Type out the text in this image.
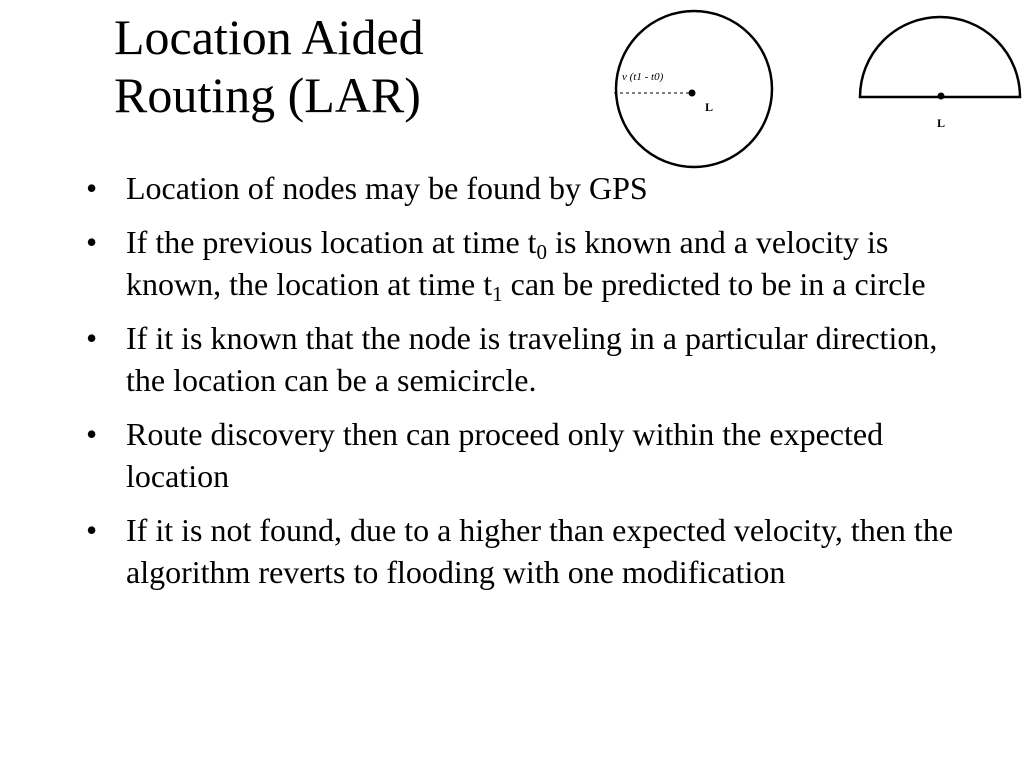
Location Aided
Routing (LAR)	v (t1 - t0)
L
L
• Location of nodes may be found by GPS
• If the previous location at time $t_0$ is known and a velocity is known, the location at time $t_1$ can be predicted to be in a circle
• If it is known that the node is traveling in a particular direction, the location can be a semicircle.
• Route discovery then can proceed only within the expected location
• If it is not found, due to a higher than expected velocity, then the algorithm reverts to flooding with one modification
